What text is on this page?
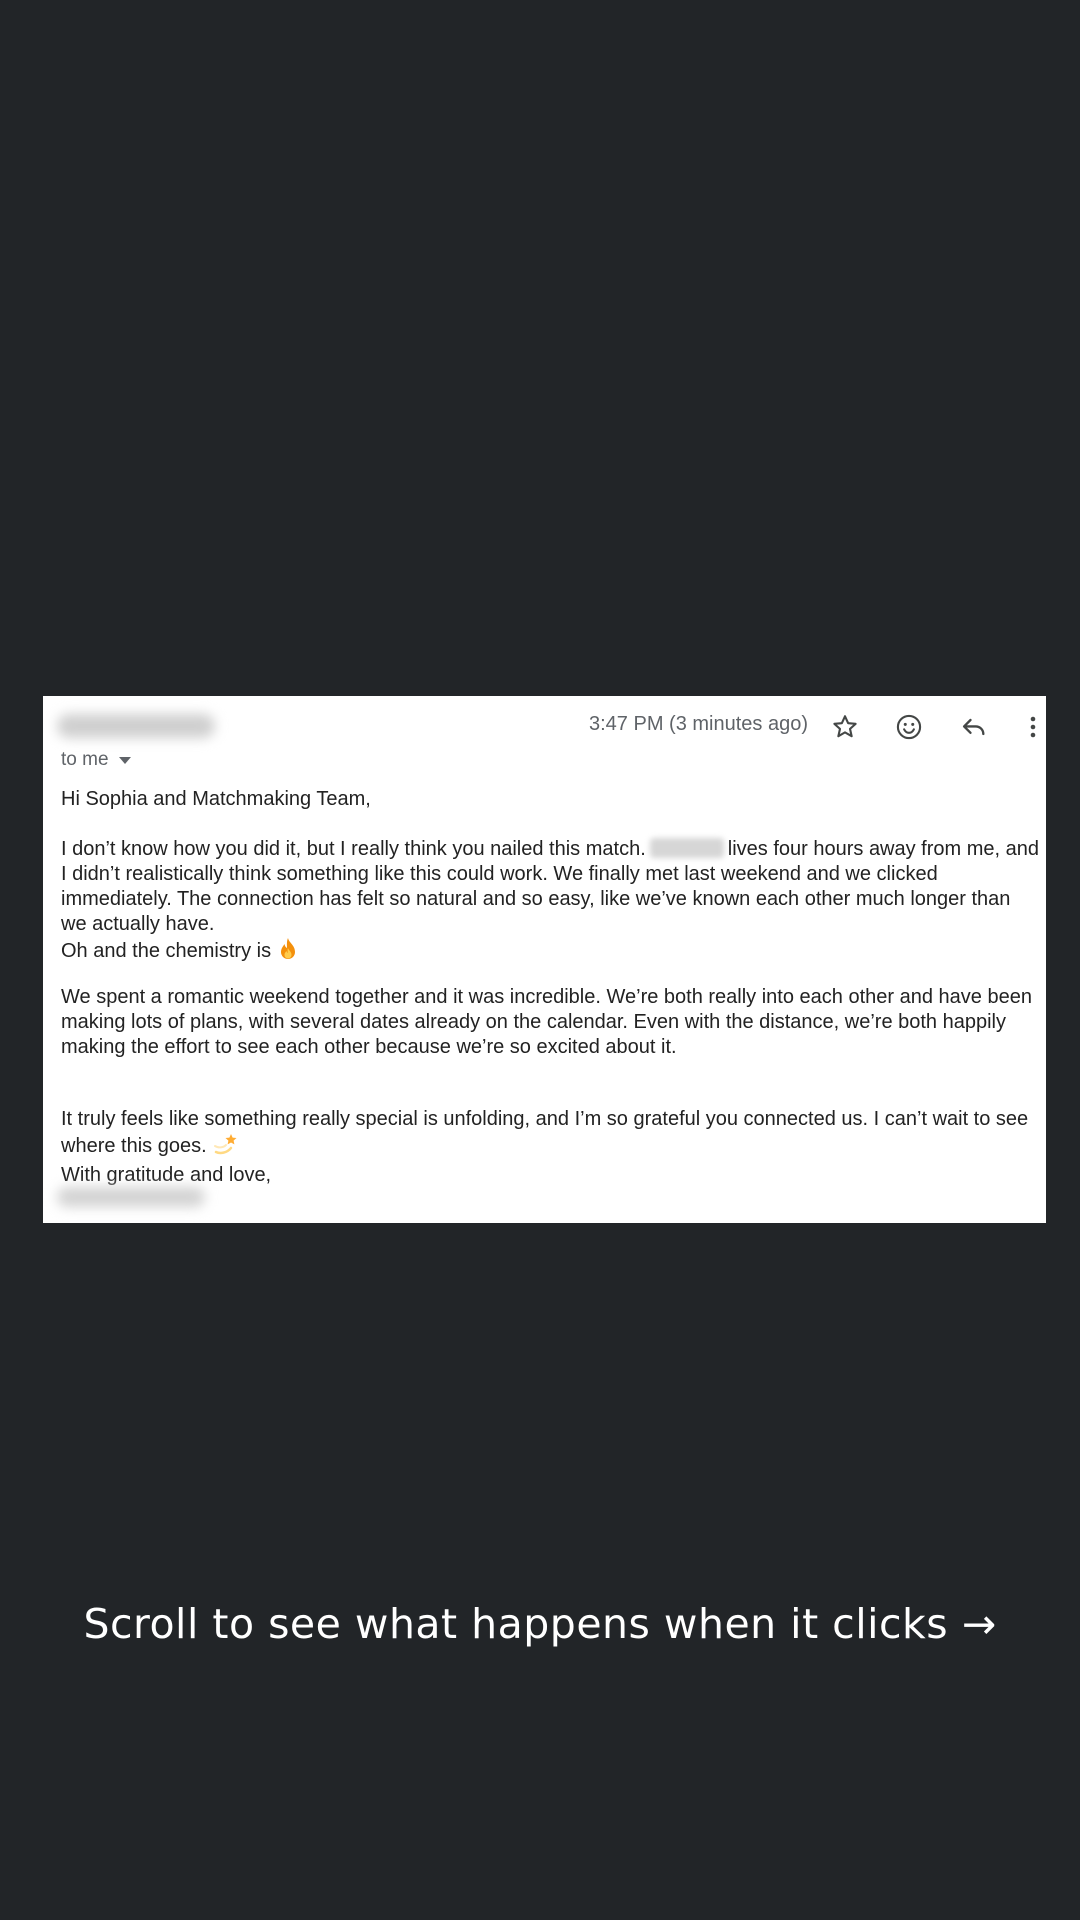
3:47 PM (3 minutes ago)
to me
Hi Sophia and Matchmaking Team,
I don’t know how you did it, but I really think you nailed this match.	lives four hours away from me, and I didn’t realistically think something like this could work. We finally met last weekend and we clicked immediately. The connection has felt so natural and so easy, like we’ve known each other much longer than we actually have.
Oh and the chemistry is
We spent a romantic weekend together and it was incredible. We’re both really into each other and have been making lots of plans, with several dates already on the calendar. Even with the distance, we’re both happily making the effort to see each other because we’re so excited about it.
It truly feels like something really special is unfolding, and I’m so grateful you connected us. I can’t wait to see where this goes.
With gratitude and love,
Scroll to see what happens when it clicks →
